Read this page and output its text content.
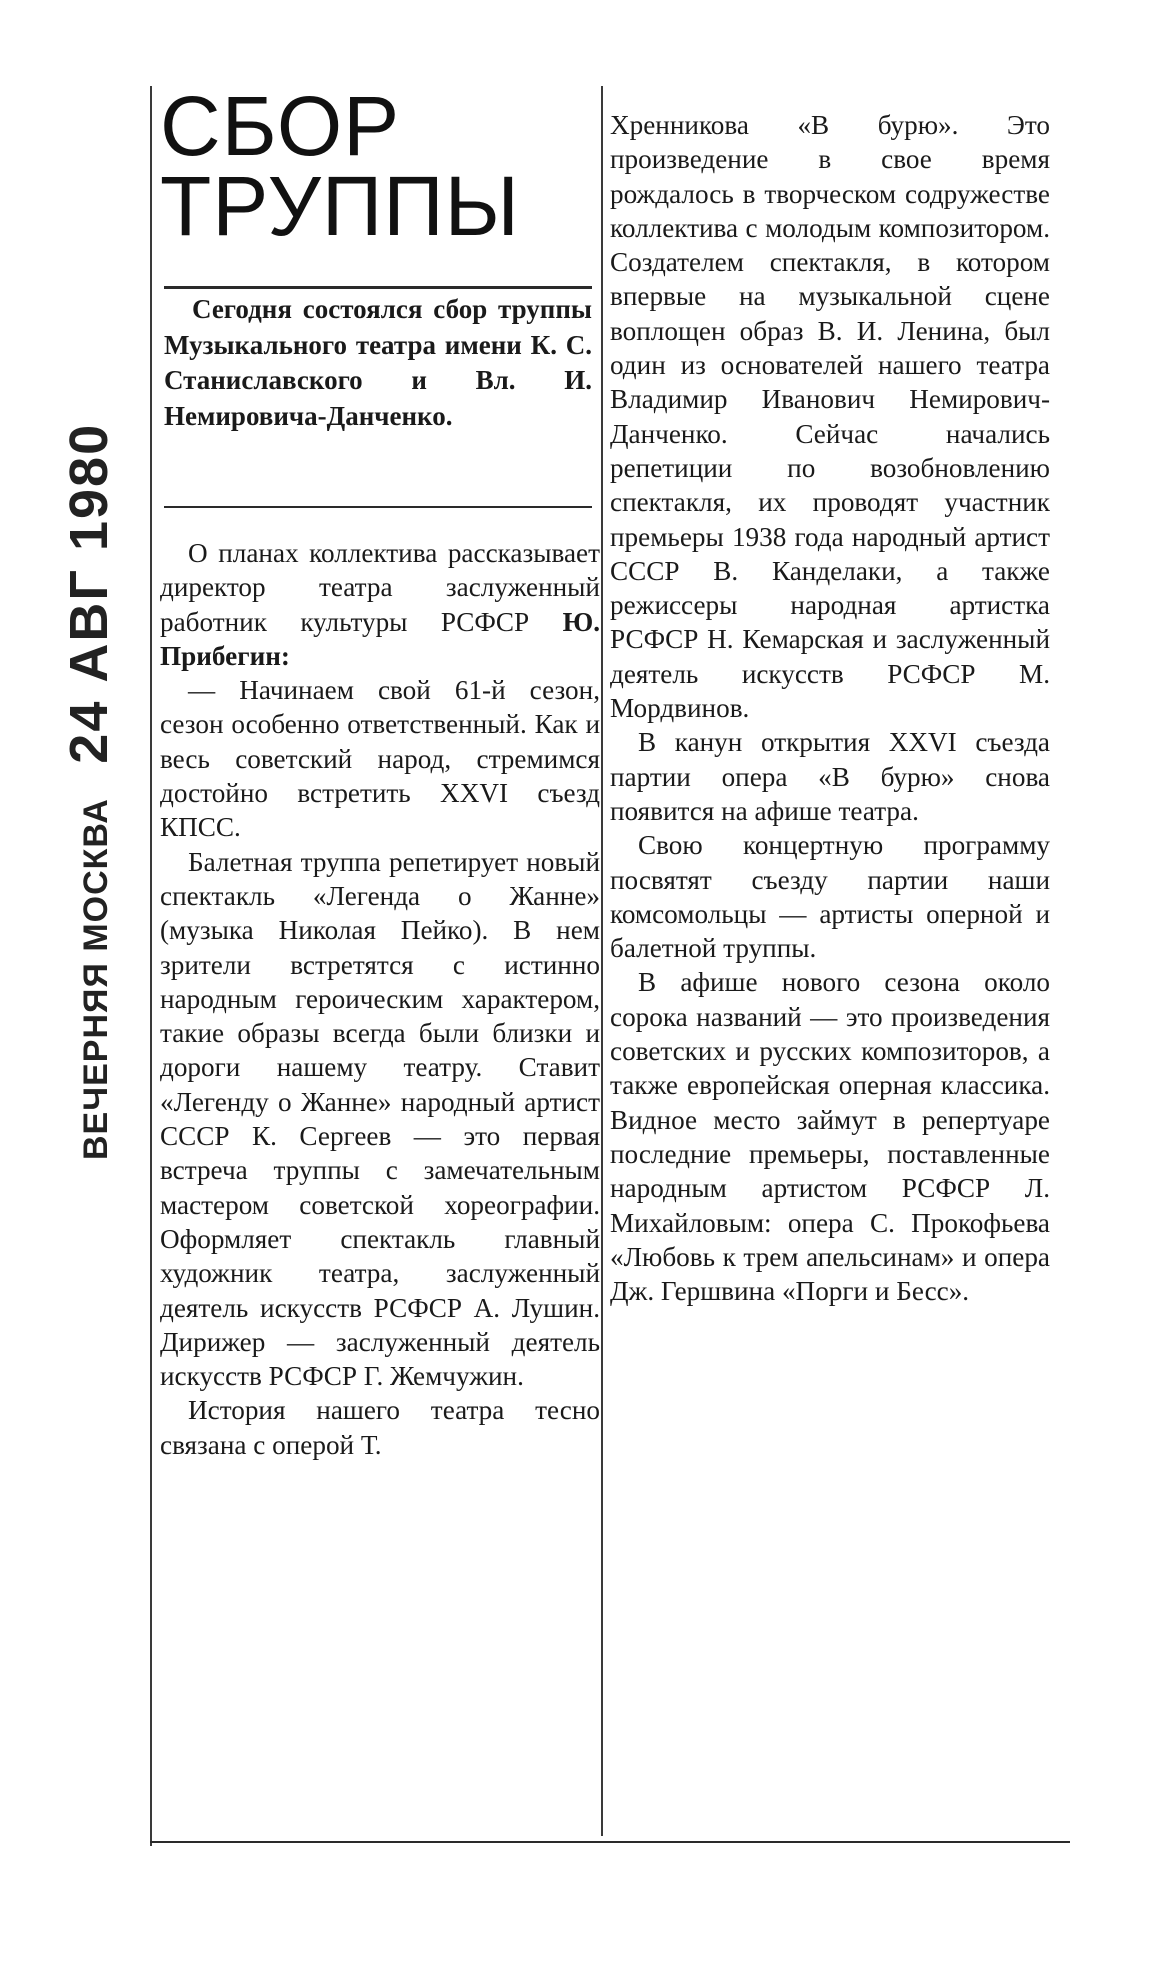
ВЕЧЕРНЯЯ МОСКВА 24 АВГ 1980
СБОР
ТРУППЫ

Сегодня состоялся сбор труппы Музыкального театра имени К. С. Станиславского и Вл. И. Немировича-Данченко.

О планах коллектива рассказывает директор театра заслуженный работник культуры РСФСР Ю. Прибегин:

— Начинаем свой 61-й сезон, сезон особенно ответственный. Как и весь советский народ, стремимся достойно встретить XXVI съезд КПСС.

Балетная труппа репетирует новый спектакль «Легенда о Жанне» (музыка Николая Пейко). В нем зрители встретятся с истинно народным героическим характером, такие образы всегда были близки и дороги нашему театру. Ставит «Легенду о Жанне» народный артист СССР К. Сергеев — это первая встреча труппы с замечательным мастером советской хореографии. Оформляет спектакль главный художник театра, заслуженный деятель искусств РСФСР А. Лушин. Дирижер — заслуженный деятель искусств РСФСР Г. Жемчужин.

История нашего театра тесно связана с оперой Т.

Хренникова «В бурю». Это произведение в свое время рождалось в творческом содружестве коллектива с молодым композитором. Создателем спектакля, в котором впервые на музыкальной сцене воплощен образ В. И. Ленина, был один из основателей нашего театра Владимир Иванович Немирович-Данченко. Сейчас начались репетиции по возобновлению спектакля, их проводят участник премьеры 1938 года народный артист СССР В. Канделаки, а также режиссеры народная артистка РСФСР Н. Кемарская и заслуженный деятель искусств РСФСР М. Мордвинов.

В канун открытия XXVI съезда партии опера «В бурю» снова появится на афише театра.

Свою концертную программу посвятят съезду партии наши комсомольцы — артисты оперной и балетной труппы.

В афише нового сезона около сорока названий — это произведения советских и русских композиторов, а также европейская оперная классика. Видное место займут в репертуаре последние премьеры, поставленные народным артистом РСФСР Л. Михайловым: опера С. Прокофьева «Любовь к трем апельсинам» и опера Дж. Гершвина «Порги и Бесс».
